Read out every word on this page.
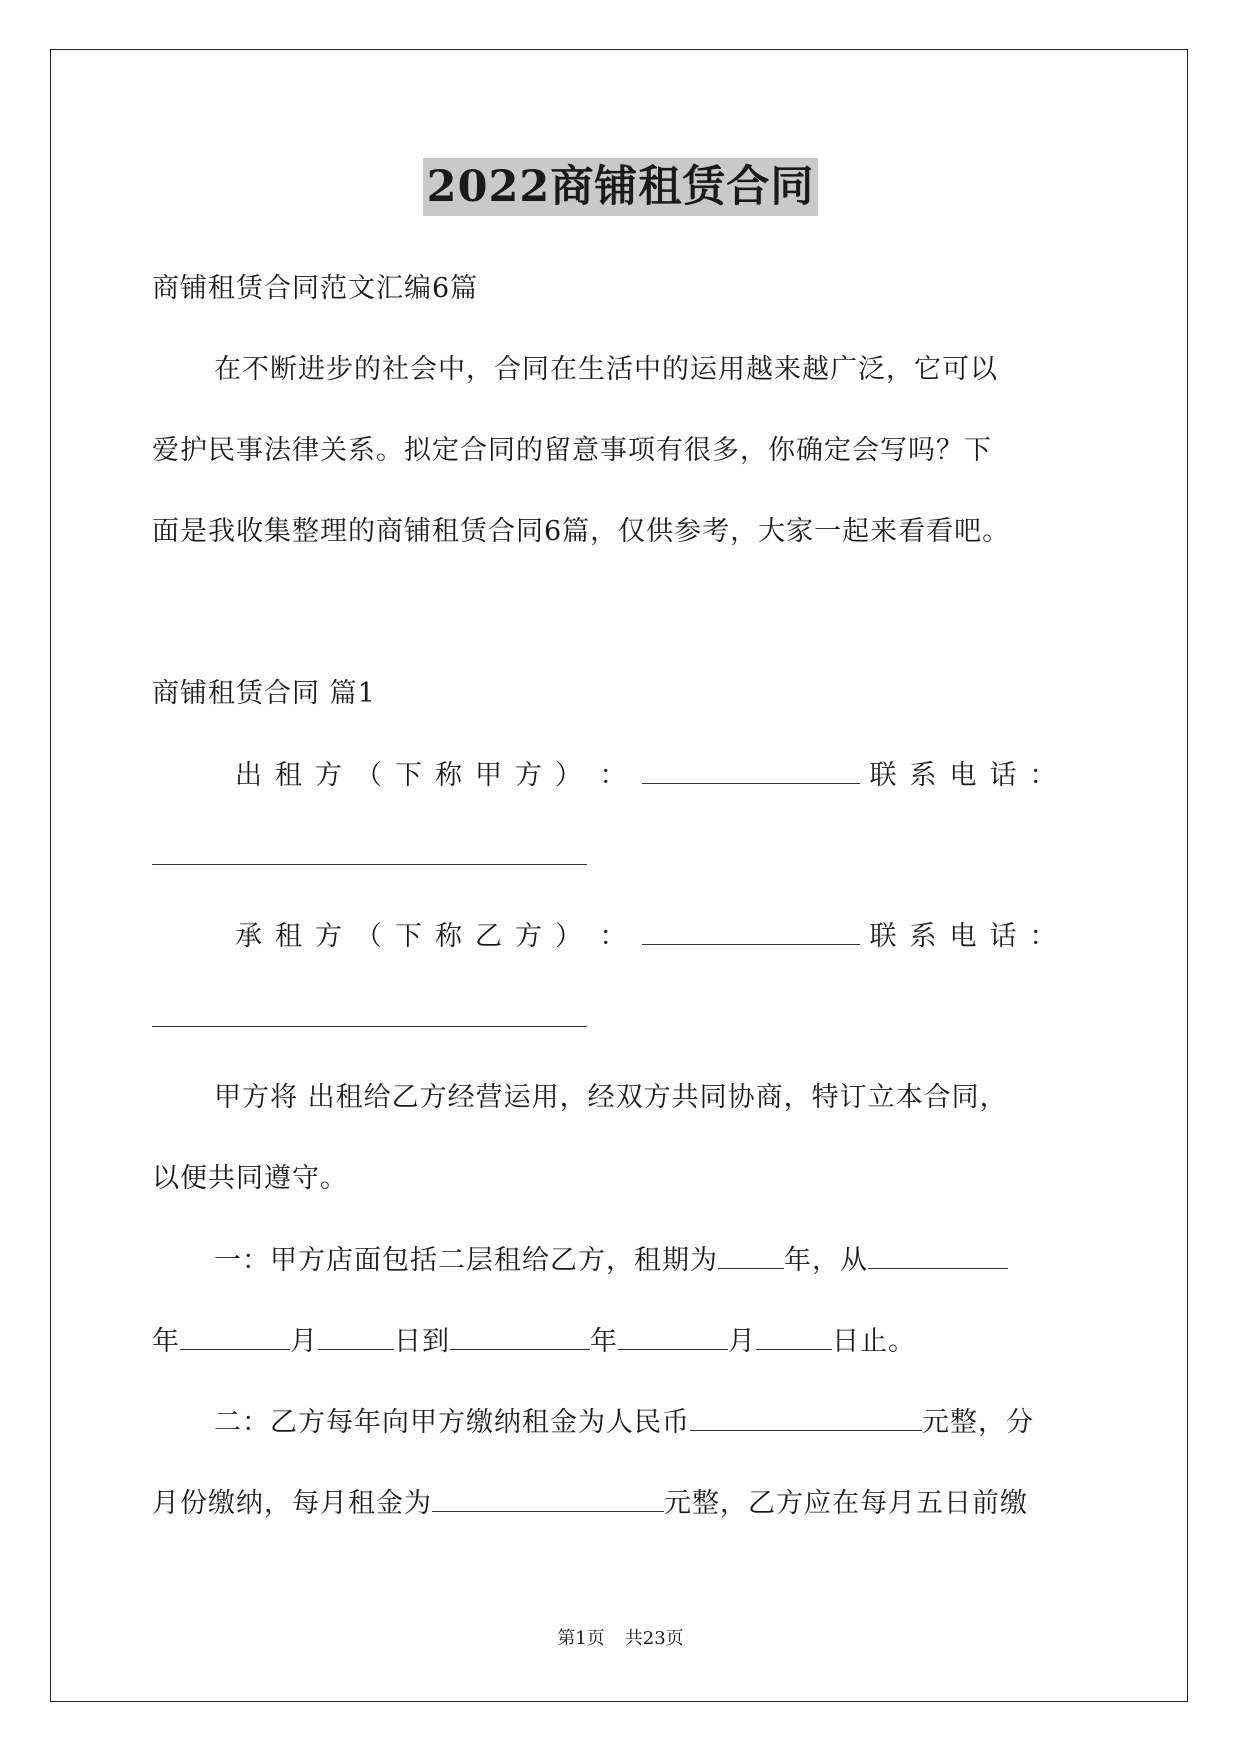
2022商铺租赁合同
商铺租赁合同范文汇编6篇
在不断进步的社会中，合同在生活中的运用越来越广泛，它可以
爱护民事法律关系。拟定合同的留意事项有很多，你确定会写吗？下
面是我收集整理的商铺租赁合同6篇，仅供参考，大家一起来看看吧。
商铺租赁合同 篇1
出租方（下称甲方） ：	联系电话：
承租方（下称乙方） ：	联系电话：
甲方将 出租给乙方经营运用，经双方共同协商，特订立本合同，
以便共同遵守。
一：甲方店面包括二层租给乙方，租期为 年，从
年	月	日到	年	月	日止。
二：乙方每年向甲方缴纳租金为人民币	元整，分
月份缴纳，每月租金为	元整，乙方应在每月五日前缴
第1页 共23页
